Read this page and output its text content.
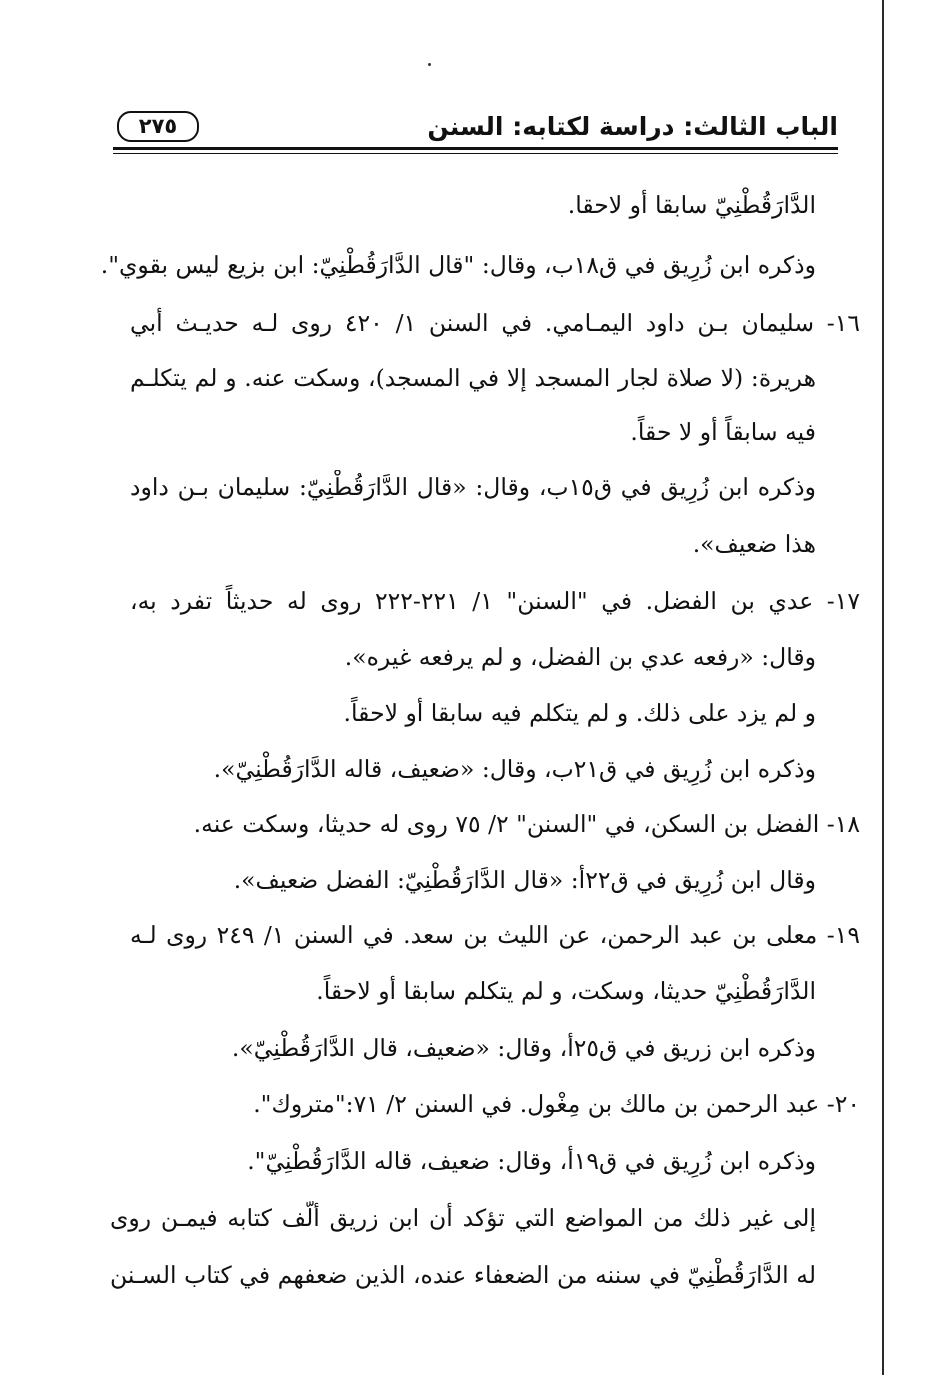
الباب الثالث: دراسة لكتابه: السنن
٢٧٥
الدَّارَقُطْنِيّ سابقا أو لاحقا.
وذكره ابن زُرِيق في ق١٨ب، وقال: "قال الدَّارَقُطْنِيّ: ابن بزيع ليس بقوي".
١٦- سليمان بـن داود اليمـامي. في السنن ١/ ٤٢٠ روى لـه حديـث أبي
هريرة: (لا صلاة لجار المسجد إلا في المسجد)، وسكت عنه. و لم يتكلـم
فيه سابقاً أو لا حقاً.
وذكره ابن زُرِيق في ق١٥ب، وقال: «قال الدَّارَقُطْنِيّ: سليمان بـن داود
هذا ضعيف».
١٧- عدي بن الفضل. في "السنن" ١/ ٢٢١-٢٢٢ روى له حديثاً تفرد به،
وقال: «رفعه عدي بن الفضل، و لم يرفعه غيره».
و لم يزد على ذلك. و لم يتكلم فيه سابقا أو لاحقاً.
وذكره ابن زُرِيق في ق٢١ب، وقال: «ضعيف، قاله الدَّارَقُطْنِيّ».
١٨- الفضل بن السكن، في "السنن" ٢/ ٧٥ روى له حديثا، وسكت عنه.
وقال ابن زُرِيق في ق٢٢أ: «قال الدَّارَقُطْنِيّ: الفضل ضعيف».
١٩- معلى بن عبد الرحمن، عن الليث بن سعد. في السنن ١/ ٢٤٩ روى لـه
الدَّارَقُطْنِيّ حديثا، وسكت، و لم يتكلم سابقا أو لاحقاً.
وذكره ابن زريق في ق٢٥أ، وقال: «ضعيف، قال الدَّارَقُطْنِيّ».
٢٠- عبد الرحمن بن مالك بن مِغْول. في السنن ٢/ ٧١:"متروك".
وذكره ابن زُرِيق في ق١٩أ، وقال: ضعيف، قاله الدَّارَقُطْنِيّ".
إلى غير ذلك من المواضع التي تؤكد أن ابن زريق ألّف كتابه فيمـن روى
له الدَّارَقُطْنِيّ في سننه من الضعفاء عنده، الذين ضعفهم في كتاب السـنن
